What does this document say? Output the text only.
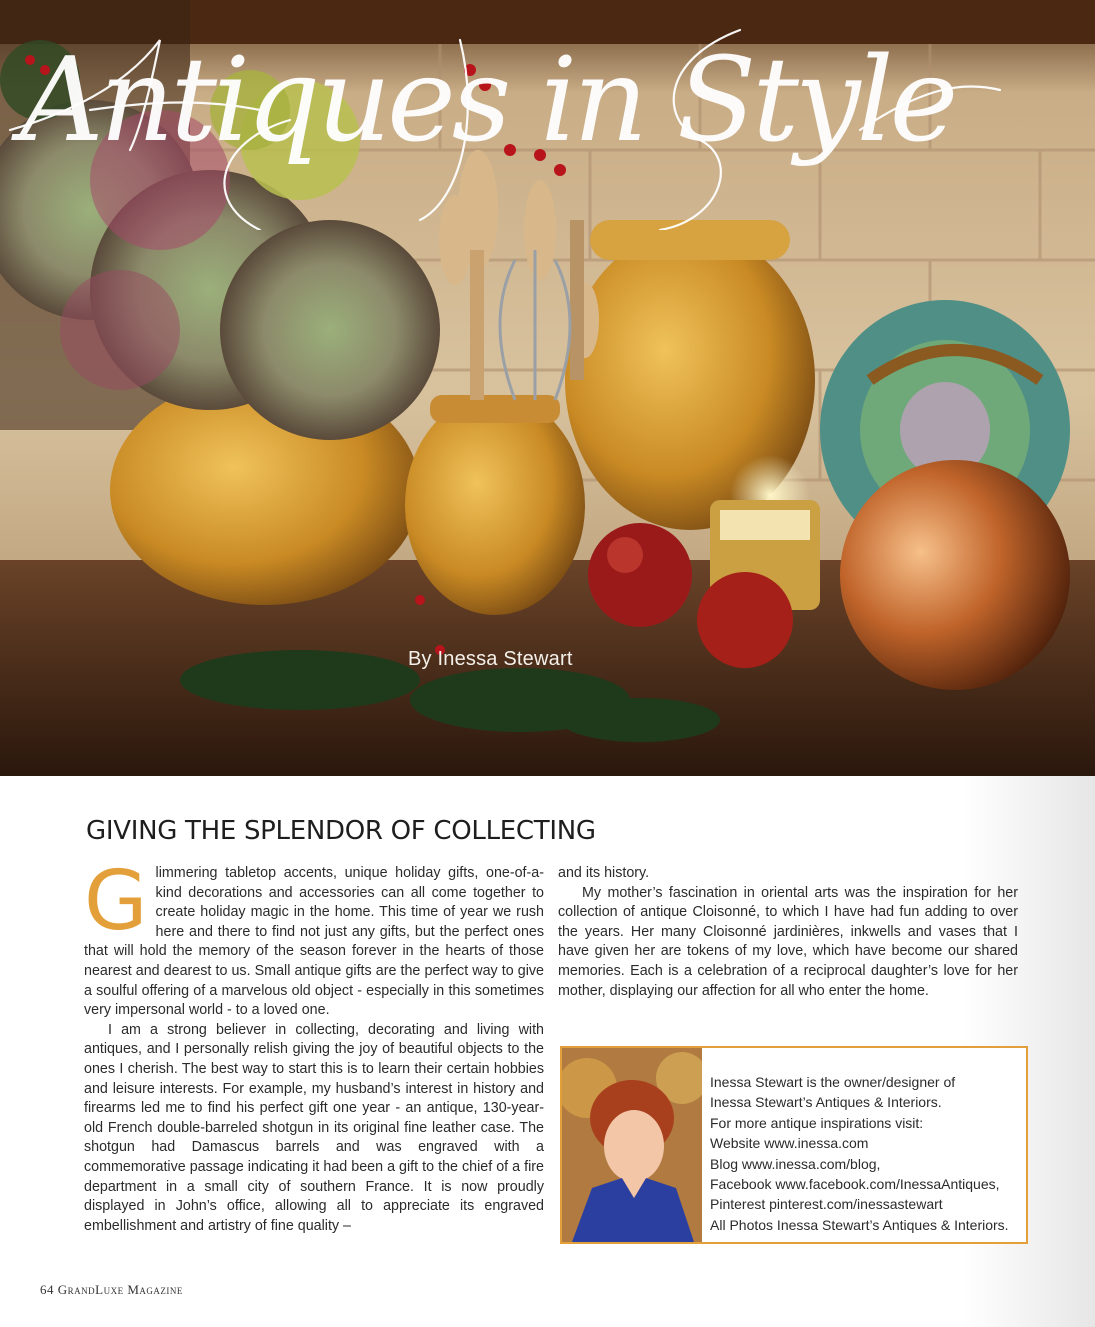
Antiques in Style
By Inessa Stewart
GIVING THE SPLENDOR OF COLLECTING

Glimmering tabletop accents, unique holiday gifts, one-of-a-kind decorations and accessories can all come together to create holiday magic in the home. This time of year we rush here and there to find not just any gifts, but the perfect ones that will hold the memory of the season forever in the hearts of those nearest and dearest to us. Small antique gifts are the perfect way to give a soulful offering of a marvelous old object - especially in this sometimes very impersonal world - to a loved one.

I am a strong believer in collecting, decorating and living with antiques, and I personally relish giving the joy of beautiful objects to the ones I cherish. The best way to start this is to learn their certain hobbies and leisure interests. For example, my husband’s interest in history and firearms led me to find his perfect gift one year - an antique, 130-year-old French double-barreled shotgun in its original fine leather case. The shotgun had Damascus barrels and was engraved with a commemorative passage indicating it had been a gift to the chief of a fire department in a small city of southern France. It is now proudly displayed in John’s office, allowing all to appreciate its engraved embellishment and artistry of fine quality –

and its history.

My mother’s fascination in oriental arts was the inspiration for her collection of antique Cloisonné, to which I have had fun adding to over the years. Her many Cloisonné jardinières, inkwells and vases that I have given her are tokens of my love, which have become our shared memories. Each is a celebration of a reciprocal daughter’s love for her mother, displaying our affection for all who enter the home.

Inessa Stewart is the owner/designer of
Inessa Stewart’s Antiques & Interiors.
For more antique inspirations visit:
Website www.inessa.com
Blog www.inessa.com/blog,
Facebook www.facebook.com/InessaAntiques,
Pinterest pinterest.com/inessastewart
All Photos Inessa Stewart’s Antiques & Interiors.
64 GrandLuxe Magazine
